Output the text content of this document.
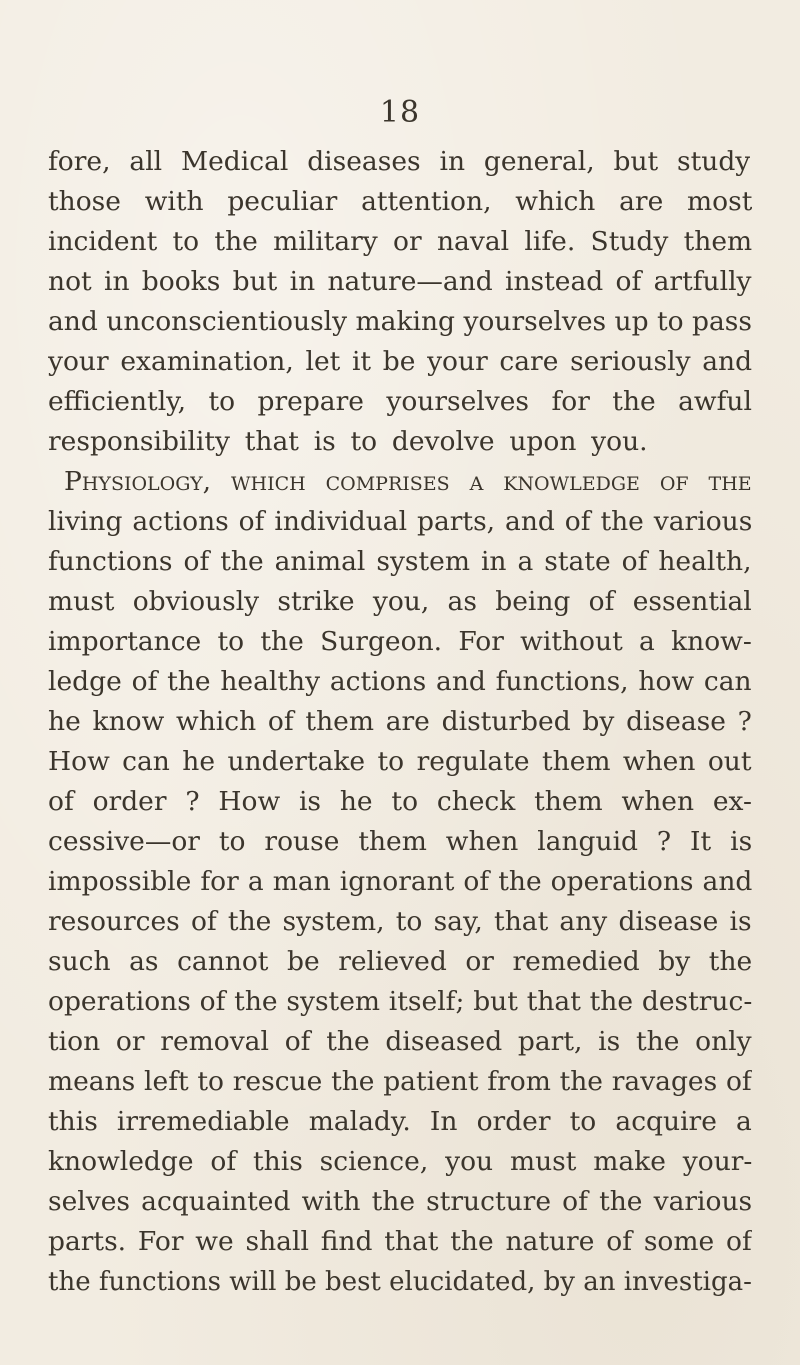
18
fore, all Medical diseases in general, but study
those with peculiar attention, which are most
incident to the military or naval life. Study them
not in books but in nature—and instead of artfully
and unconscientiously making yourselves up to pass
your examination, let it be your care seriously and
efficiently, to prepare yourselves for the awful
responsibility that is to devolve upon you.
Physiology, which comprises a knowledge of the
living actions of individual parts, and of the various
functions of the animal system in a state of health,
must obviously strike you, as being of essential
importance to the Surgeon. For without a know-
ledge of the healthy actions and functions, how can
he know which of them are disturbed by disease ?
How can he undertake to regulate them when out
of order ? How is he to check them when ex-
cessive—or to rouse them when languid ? It is
impossible for a man ignorant of the operations and
resources of the system, to say, that any disease is
such as cannot be relieved or remedied by the
operations of the system itself; but that the destruc-
tion or removal of the diseased part, is the only
means left to rescue the patient from the ravages of
this irremediable malady. In order to acquire a
knowledge of this science, you must make your-
selves acquainted with the structure of the various
parts. For we shall find that the nature of some of
the functions will be best elucidated, by an investiga-
